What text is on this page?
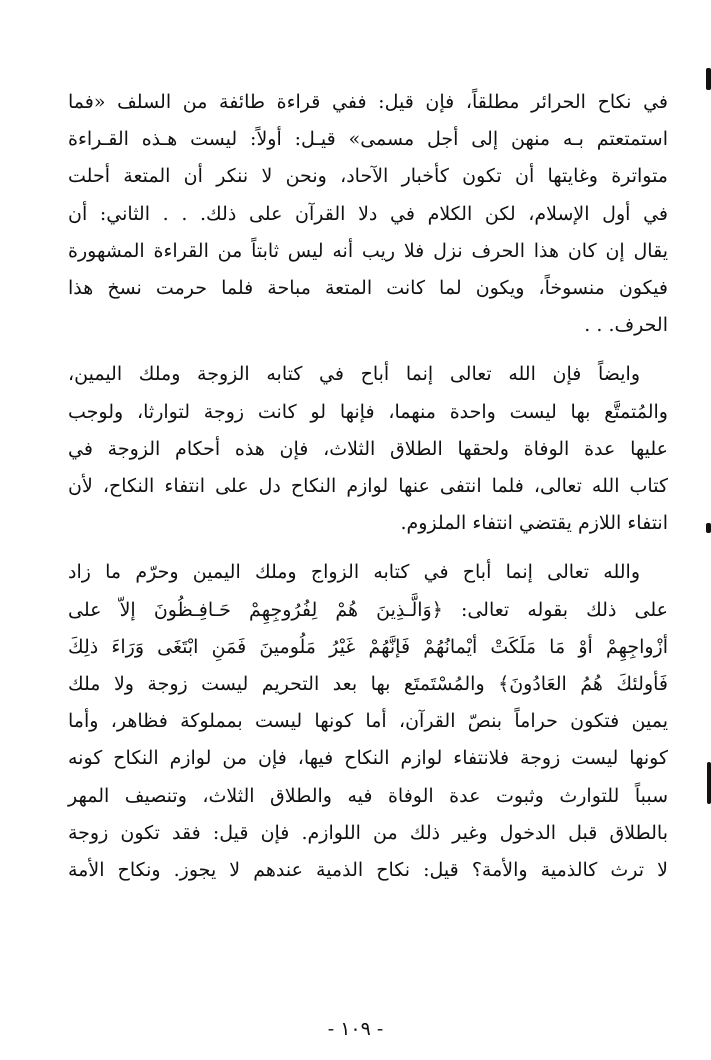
في نكاح الحرائر مطلقاً، فإن قيل: ففي قراءة طائفة من السلف «فما
استمتعتم بـه منهن إلى أجل مسمى» قيـل: أولاً: ليست هـذه القـراءة
متواترة وغايتها أن تكون كأخبار الآحاد، ونحن لا ننكر أن المتعة أحلت
في أول الإسلام، لكن الكلام في دلا القرآن على ذلك. . . الثاني: أن
يقال إن كان هذا الحرف نزل فلا ريب أنه ليس ثابتاً من القراءة المشهورة
فيكون منسوخاً، ويكون لما كانت المتعة مباحة فلما حرمت نسخ هذا
الحرف. . .

وايضاً فإن الله تعالى إنما أباح في كتابه الزوجة وملك اليمين،
والمُتمتَّع بها ليست واحدة منهما، فإنها لو كانت زوجة لتوارثا، ولوجب
عليها عدة الوفاة ولحقها الطلاق الثلاث، فإن هذه أحكام الزوجة في
كتاب الله تعالى، فلما انتفى عنها لوازم النكاح دل على انتفاء النكاح، لأن
انتفاء اللازم يقتضي انتفاء الملزوم.

والله تعالى إنما أباح في كتابه الزواج وملك اليمين وحرّم ما زاد
على ذلك بقوله تعالى: ﴿وَالَّـذِينَ هُمْ لِفُرُوجِهِمْ حَـافِـظُونَ إلاّ على
أزْواجِهِمْ أوْ مَا مَلَكَتْ أيْمانُهُمْ فَإنَّهُمْ غَيْرُ مَلُومينَ فَمَنِ ابْتَغَى وَرَاءَ ذلِكَ
فَأولئكَ هُمُ العَادُونَ﴾ والمُسْتَمتَع بها بعد التحريم ليست زوجة ولا ملك
يمين فتكون حراماً بنصّ القرآن، أما كونها ليست بمملوكة فظاهر، وأما
كونها ليست زوجة فلانتفاء لوازم النكاح فيها، فإن من لوازم النكاح كونه
سبباً للتوارث وثبوت عدة الوفاة فيه والطلاق الثلاث، وتنصيف المهر
بالطلاق قبل الدخول وغير ذلك من اللوازم. فإن قيل: فقد تكون زوجة
لا ترث كالذمية والأمة؟ قيل: نكاح الذمية عندهم لا يجوز. ونكاح الأمة

- ١٠٩ -
